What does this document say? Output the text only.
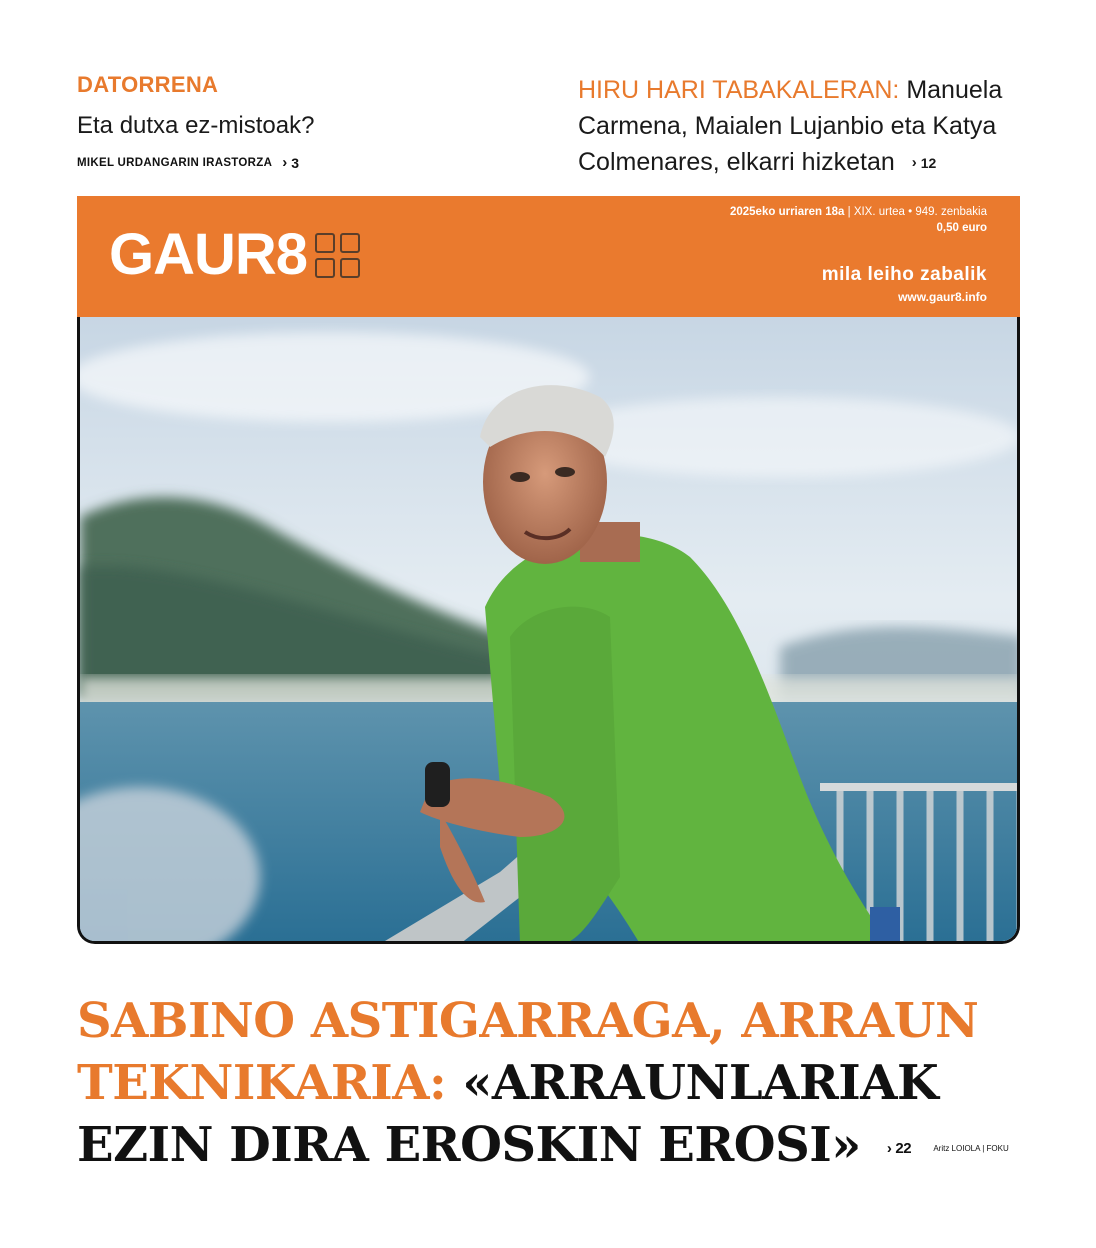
DATORRENA
Eta dutxa ez-mistoak?
MIKEL URDANGARIN IRASTORZA › 3
HIRU HARI TABAKALERAN: Manuela Carmena, Maialen Lujanbio eta Katya Colmenares, elkarri hizketan › 12
GAUR8
2025eko urriaren 18a | XIX. urtea • 949. zenbakia
0,50 euro
mila leiho zabalik
www.gaur8.info
SABINO ASTIGARRAGA, ARRAUN TEKNIKARIA: «ARRAUNLARIAK EZIN DIRA EROSKIN EROSI» › 22	Aritz LOIOLA | FOKU
